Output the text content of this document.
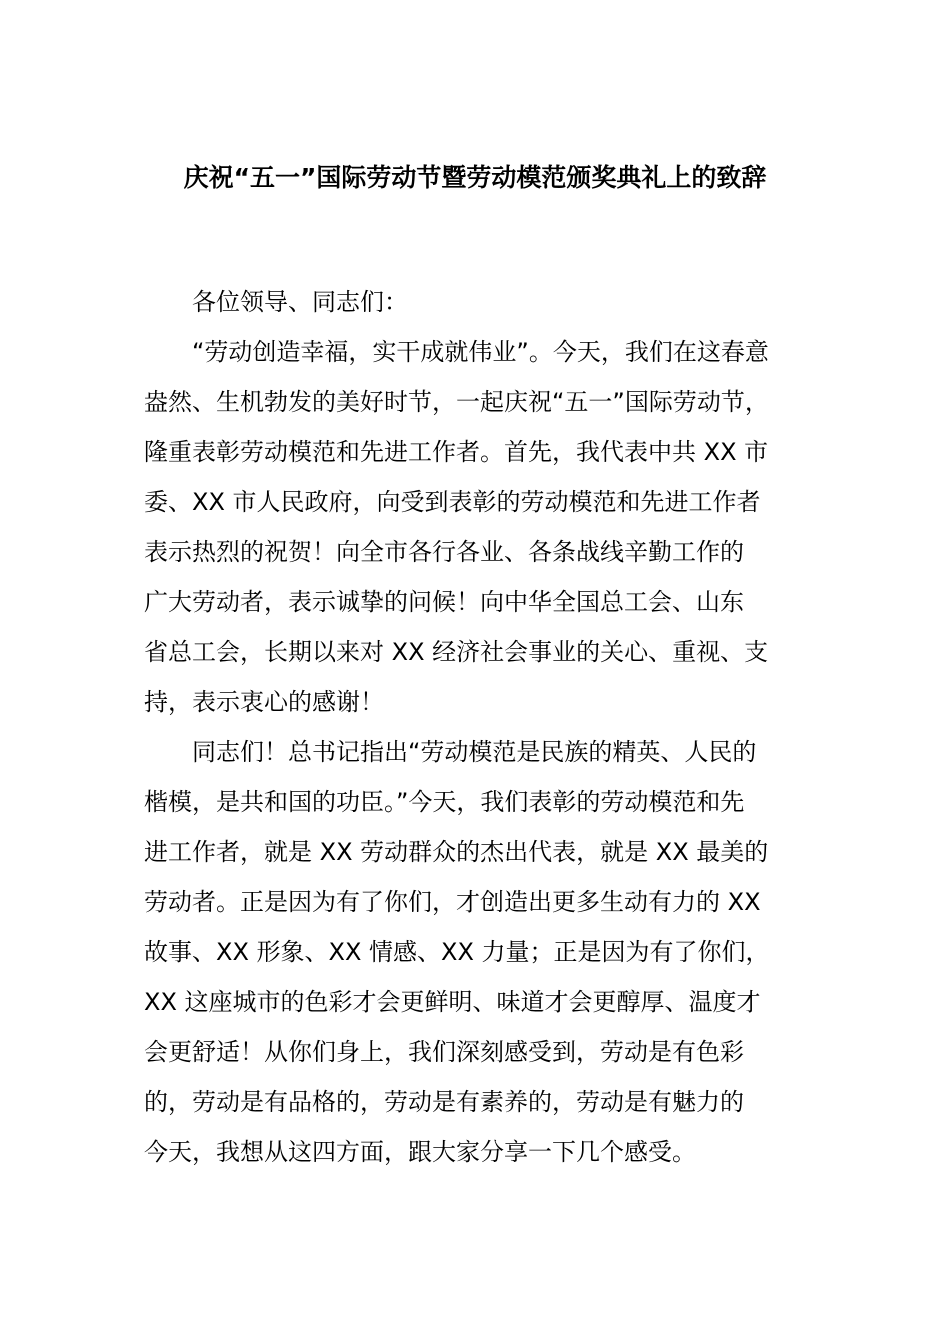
庆祝“五一”国际劳动节暨劳动模范颁奖典礼上的致辞

各位领导、同志们：

“劳动创造幸福，实干成就伟业”。今天，我们在这春意
盎然、生机勃发的美好时节，一起庆祝“五一”国际劳动节，
隆重表彰劳动模范和先进工作者。首先，我代表中共 XX 市
委、XX 市人民政府，向受到表彰的劳动模范和先进工作者
表示热烈的祝贺！向全市各行各业、各条战线辛勤工作的
广大劳动者，表示诚挚的问候！向中华全国总工会、山东
省总工会，长期以来对 XX 经济社会事业的关心、重视、支
持，表示衷心的感谢！

同志们！总书记指出“劳动模范是民族的精英、人民的
楷模，是共和国的功臣。”今天，我们表彰的劳动模范和先
进工作者，就是 XX 劳动群众的杰出代表，就是 XX 最美的
劳动者。正是因为有了你们，才创造出更多生动有力的 XX
故事、XX 形象、XX 情感、XX 力量；正是因为有了你们，
XX 这座城市的色彩才会更鲜明、味道才会更醇厚、温度才
会更舒适！从你们身上，我们深刻感受到，劳动是有色彩
的，劳动是有品格的，劳动是有素养的，劳动是有魅力的
今天，我想从这四方面，跟大家分享一下几个感受。
